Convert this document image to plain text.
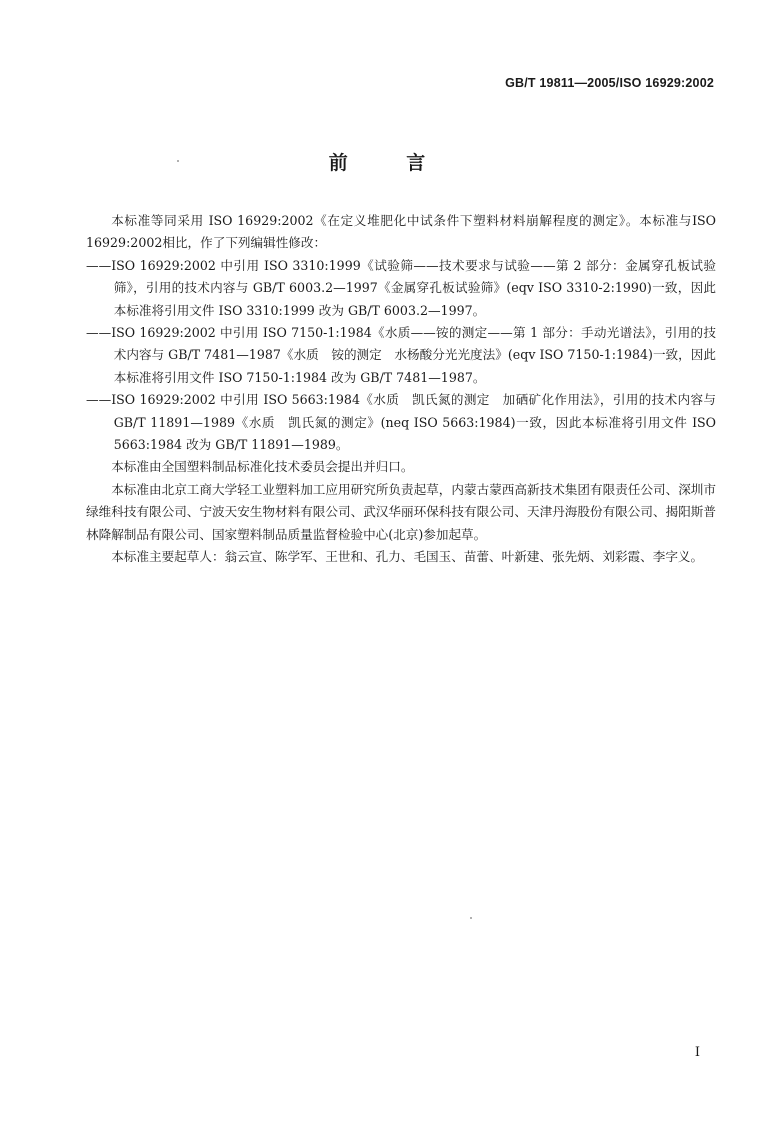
GB/T 19811—2005/ISO 16929:2002
前 言

本标准等同采用 ISO 16929:2002《在定义堆肥化中试条件下塑料材料崩解程度的测定》。本标准与ISO 16929:2002相比，作了下列编辑性修改：

——ISO 16929:2002 中引用 ISO 3310:1999《试验筛——技术要求与试验——第 2 部分：金属穿孔板试验筛》，引用的技术内容与 GB/T 6003.2—1997《金属穿孔板试验筛》(eqv ISO 3310-2:1990)一致，因此本标准将引用文件 ISO 3310:1999 改为 GB/T 6003.2—1997。

——ISO 16929:2002 中引用 ISO 7150-1:1984《水质——铵的测定——第 1 部分：手动光谱法》，引用的技术内容与 GB/T 7481—1987《水质　铵的测定　水杨酸分光光度法》(eqv ISO 7150-1:1984)一致，因此本标准将引用文件 ISO 7150-1:1984 改为 GB/T 7481—1987。

——ISO 16929:2002 中引用 ISO 5663:1984《水质　凯氏氮的测定　加硒矿化作用法》，引用的技术内容与 GB/T 11891—1989《水质　凯氏氮的测定》(neq ISO 5663:1984)一致，因此本标准将引用文件 ISO 5663:1984 改为 GB/T 11891—1989。

本标准由全国塑料制品标准化技术委员会提出并归口。

本标准由北京工商大学轻工业塑料加工应用研究所负责起草，内蒙古蒙西高新技术集团有限责任公司、深圳市绿维科技有限公司、宁波天安生物材料有限公司、武汉华丽环保科技有限公司、天津丹海股份有限公司、揭阳斯普林降解制品有限公司、国家塑料制品质量监督检验中心(北京)参加起草。

本标准主要起草人：翁云宣、陈学军、王世和、孔力、毛国玉、苗蕾、叶新建、张先炳、刘彩霞、李字义。

I
